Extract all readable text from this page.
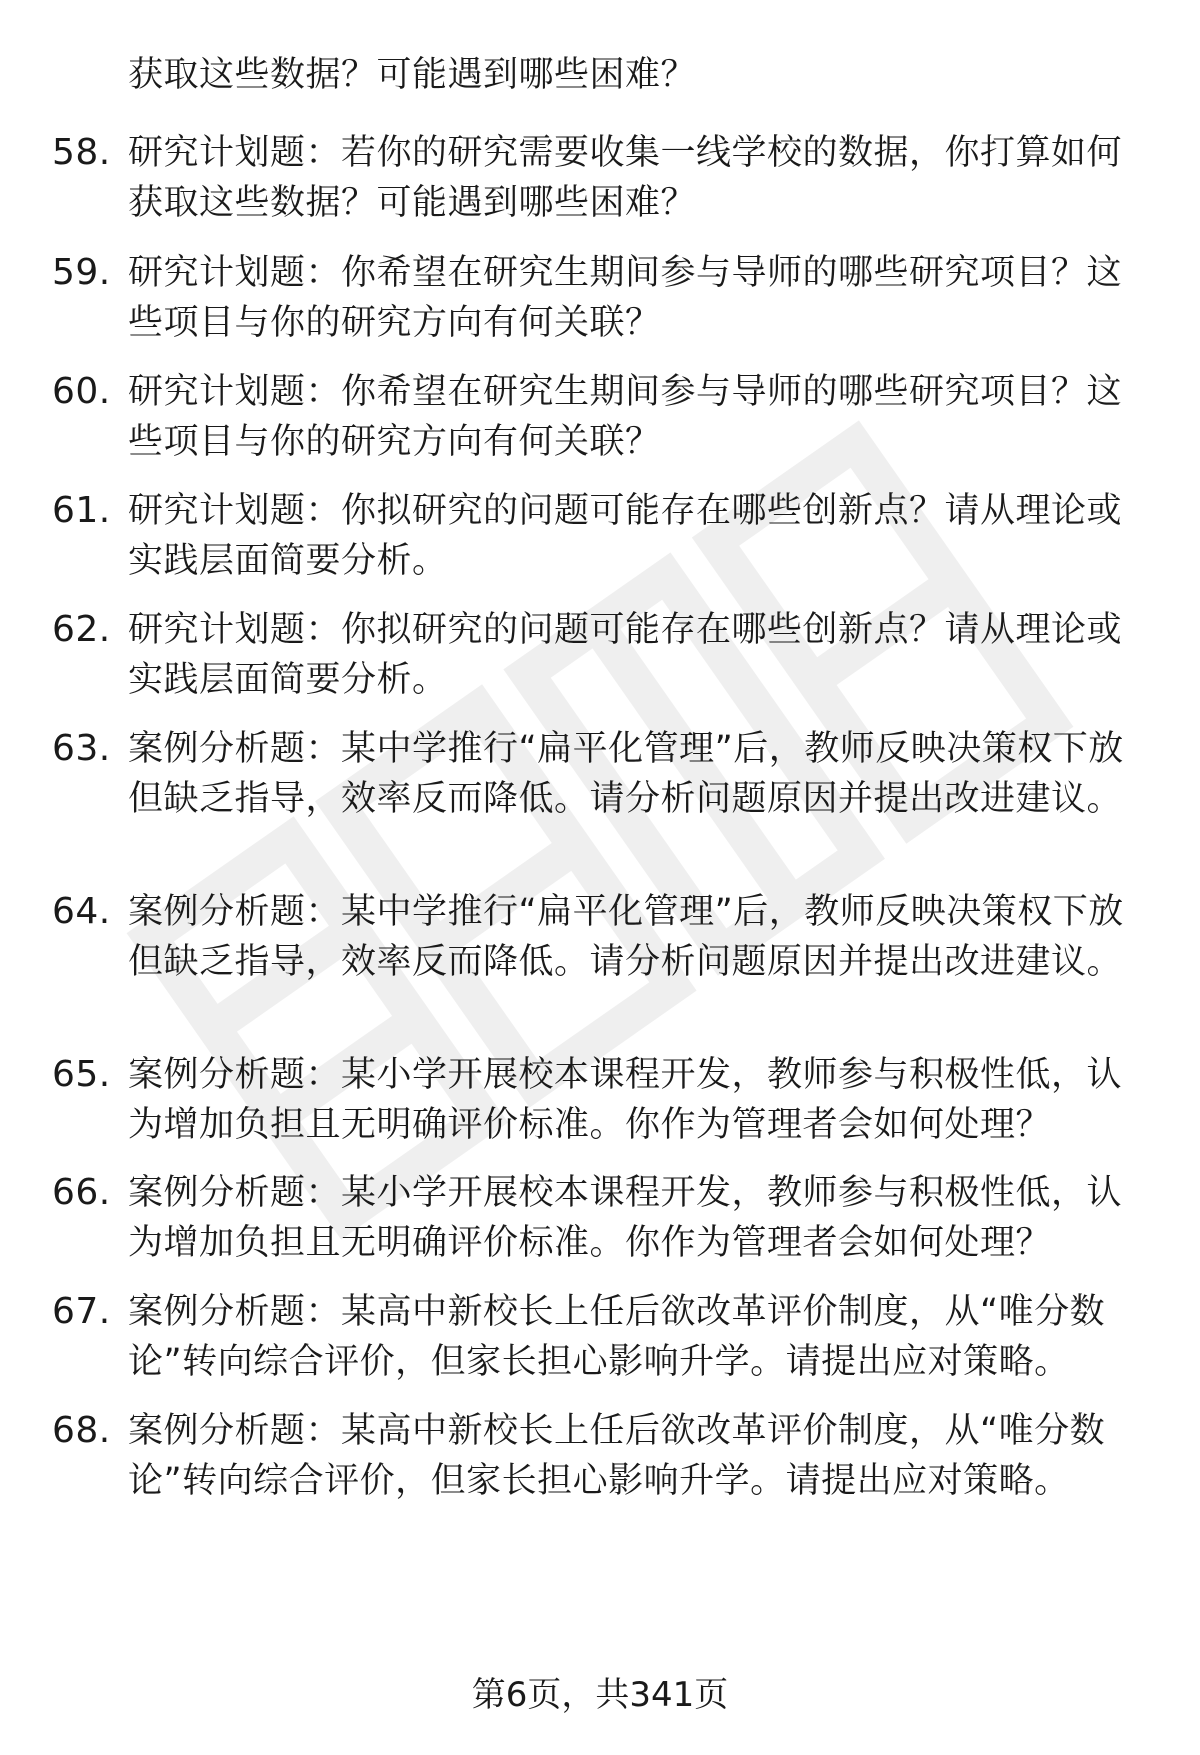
获取这些数据？可能遇到哪些困难？
58. 研究计划题：若你的研究需要收集一线学校的数据，你打算如何获取这些数据？可能遇到哪些困难？
59. 研究计划题：你希望在研究生期间参与导师的哪些研究项目？这些项目与你的研究方向有何关联？
60. 研究计划题：你希望在研究生期间参与导师的哪些研究项目？这些项目与你的研究方向有何关联？
61. 研究计划题：你拟研究的问题可能存在哪些创新点？请从理论或实践层面简要分析。
62. 研究计划题：你拟研究的问题可能存在哪些创新点？请从理论或实践层面简要分析。
63. 案例分析题：某中学推行“扁平化管理”后，教师反映决策权下放但缺乏指导，效率反而降低。请分析问题原因并提出改进建议。
64. 案例分析题：某中学推行“扁平化管理”后，教师反映决策权下放但缺乏指导，效率反而降低。请分析问题原因并提出改进建议。
65. 案例分析题：某小学开展校本课程开发，教师参与积极性低，认为增加负担且无明确评价标准。你作为管理者会如何处理？
66. 案例分析题：某小学开展校本课程开发，教师参与积极性低，认为增加负担且无明确评价标准。你作为管理者会如何处理？
67. 案例分析题：某高中新校长上任后欲改革评价制度，从“唯分数论”转向综合评价，但家长担心影响升学。请提出应对策略。
68. 案例分析题：某高中新校长上任后欲改革评价制度，从“唯分数论”转向综合评价，但家长担心影响升学。请提出应对策略。
第6页，共341页
